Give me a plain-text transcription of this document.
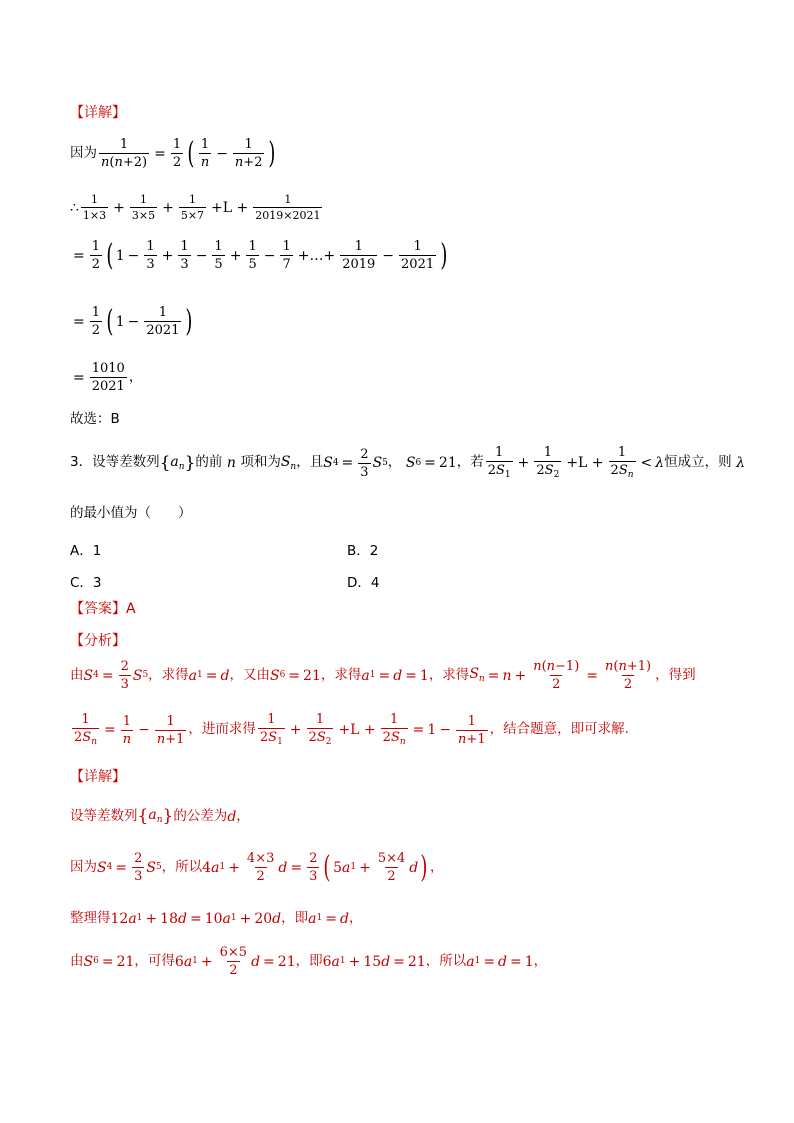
【详解】
因为 $\frac{1}{n(n+2)} = \frac{1}{2}$ ( $\frac{1}{n} - \frac{1}{n+2}$ )
∴ $\frac{1}{1\times 3} + \frac{1}{3\times 5} + \frac{1}{5\times 7} +L + \frac{1}{2019\times 2021}$
= $\frac{1}{2}$ ( $1 - \frac{1}{3} + \frac{1}{3} - \frac{1}{5} + \frac{1}{5} - \frac{1}{7}$ +…+ $\frac{1}{2019} - \frac{1}{2021}$ )
= $\frac{1}{2}$ ( $1 - \frac{1}{2021}$ )
= $\frac{1010}{2021}$ ，
故选：B
3． 设等差数列 { $a_n$ } 的前 n 项和为 $S_n$ ，且 S $4 = \frac{2}{3}$ S 5 ，
S 6 = 21 ，若 $\frac{1}{2S_1} + \frac{1}{2S_2} +L + \frac{1}{2S_n} < \lambda$ 恒成立，则 λ
的最小值为（　　）
A．1	B．2
C．3	D．4
【答案】A
【分析】
由 S $4 = \frac{2}{3}$ S 5 ，求得 a 1 = d ，又由 S 6 = 21 ，求得 a 1 = d = 1 ，求得 $S_n = n + \frac{n(n-1)}{2} = \frac{n(n+1)}{2}$ ，得到
$\frac{1}{2S_n} = \frac{1}{n} - \frac{1}{n+1}$ ，进而求得 $\frac{1}{2S_1} + \frac{1}{2S_2} +L + \frac{1}{2S_n} = 1 - \frac{1}{n+1}$ ，结合题意，即可求解.
【详解】
设等差数列 { $a_n$ } 的公差为 d ，
因为 S $4 = \frac{2}{3}$ S 5 ，所以 4 a $1 + \frac{4\times 3}{2}$ $d = \frac{2}{3}$ ( 5 a $1 + \frac{5\times 4}{2}$ d ) ，
整理得 12 a 1 + 18 d = 10 a 1 + 20 d ，即 a 1 = d ，
由 S 6 = 21 ，可得 6 a $1 + \frac{6\times 5}{2}$ d = 21 ，即 6 a 1 + 15 d = 21 ，所以 a 1 = d = 1 ，
